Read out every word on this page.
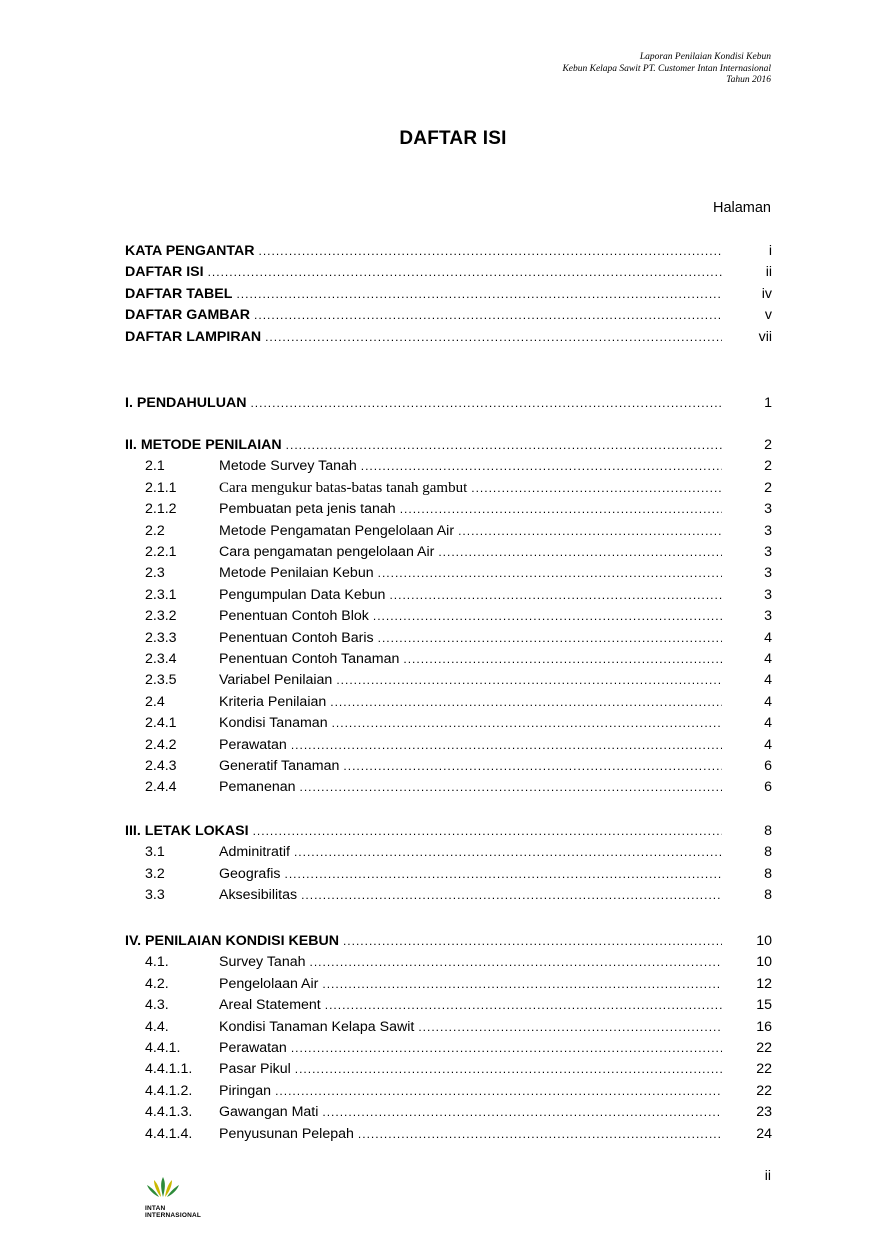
Laporan Penilaian Kondisi Kebun
Kebun Kelapa Sawit PT. Customer Intan Internasional
Tahun 2016
DAFTAR ISI
Halaman
KATA PENGANTAR .....	i
DAFTAR ISI .....	ii
DAFTAR TABEL .....	iv
DAFTAR GAMBAR .....	v
DAFTAR LAMPIRAN .....	vii
I. PENDAHULUAN .....	1
II. METODE PENILAIAN .....	2
2.1	Metode Survey Tanah .....	2
2.1.1	Cara mengukur batas-batas tanah gambut .....	2
2.1.2	Pembuatan peta jenis tanah .....	3
2.2	Metode Pengamatan Pengelolaan Air .....	3
2.2.1	Cara pengamatan pengelolaan Air .....	3
2.3	Metode Penilaian Kebun .....	3
2.3.1	Pengumpulan Data Kebun .....	3
2.3.2	Penentuan Contoh Blok .....	3
2.3.3	Penentuan Contoh Baris .....	4
2.3.4	Penentuan Contoh Tanaman .....	4
2.3.5	Variabel Penilaian .....	4
2.4	Kriteria Penilaian .....	4
2.4.1	Kondisi Tanaman .....	4
2.4.2	Perawatan .....	4
2.4.3	Generatif Tanaman .....	6
2.4.4	Pemanenan .....	6
III. LETAK LOKASI .....	8
3.1	Adminitratif .....	8
3.2	Geografis .....	8
3.3	Aksesibilitas .....	8
IV. PENILAIAN KONDISI KEBUN .....	10
4.1.	Survey Tanah .....	10
4.2.	Pengelolaan Air .....	12
4.3.	Areal Statement .....	15
4.4.	Kondisi Tanaman Kelapa Sawit .....	16
4.4.1.	Perawatan .....	22
4.4.1.1.	Pasar Pikul .....	22
4.4.1.2.	Piringan .....	22
4.4.1.3.	Gawangan Mati .....	23
4.4.1.4.	Penyusunan Pelepah .....	24
ii
INTAN INTERNASIONAL
